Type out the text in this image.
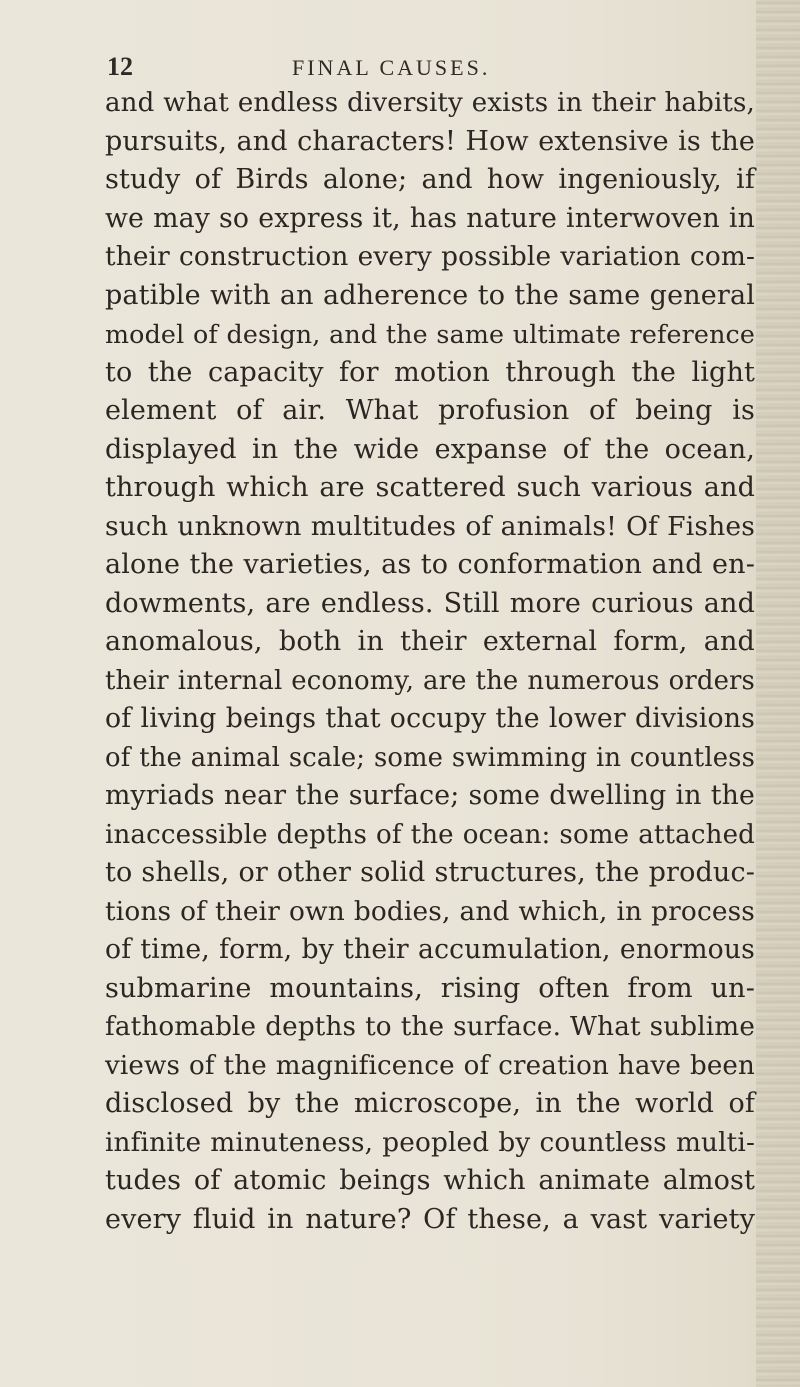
12	FINAL CAUSES.
and what endless diversity exists in their habits,
pursuits, and characters! How extensive is the
study of Birds alone; and how ingeniously, if
we may so express it, has nature interwoven in
their construction every possible variation com-
patible with an adherence to the same general
model of design, and the same ultimate reference
to the capacity for motion through the light
element of air. What profusion of being is
displayed in the wide expanse of the ocean,
through which are scattered such various and
such unknown multitudes of animals! Of Fishes
alone the varieties, as to conformation and en-
dowments, are endless. Still more curious and
anomalous, both in their external form, and
their internal economy, are the numerous orders
of living beings that occupy the lower divisions
of the animal scale; some swimming in countless
myriads near the surface; some dwelling in the
inaccessible depths of the ocean: some attached
to shells, or other solid structures, the produc-
tions of their own bodies, and which, in process
of time, form, by their accumulation, enormous
submarine mountains, rising often from un-
fathomable depths to the surface. What sublime
views of the magnificence of creation have been
disclosed by the microscope, in the world of
infinite minuteness, peopled by countless multi-
tudes of atomic beings which animate almost
every fluid in nature? Of these, a vast variety
